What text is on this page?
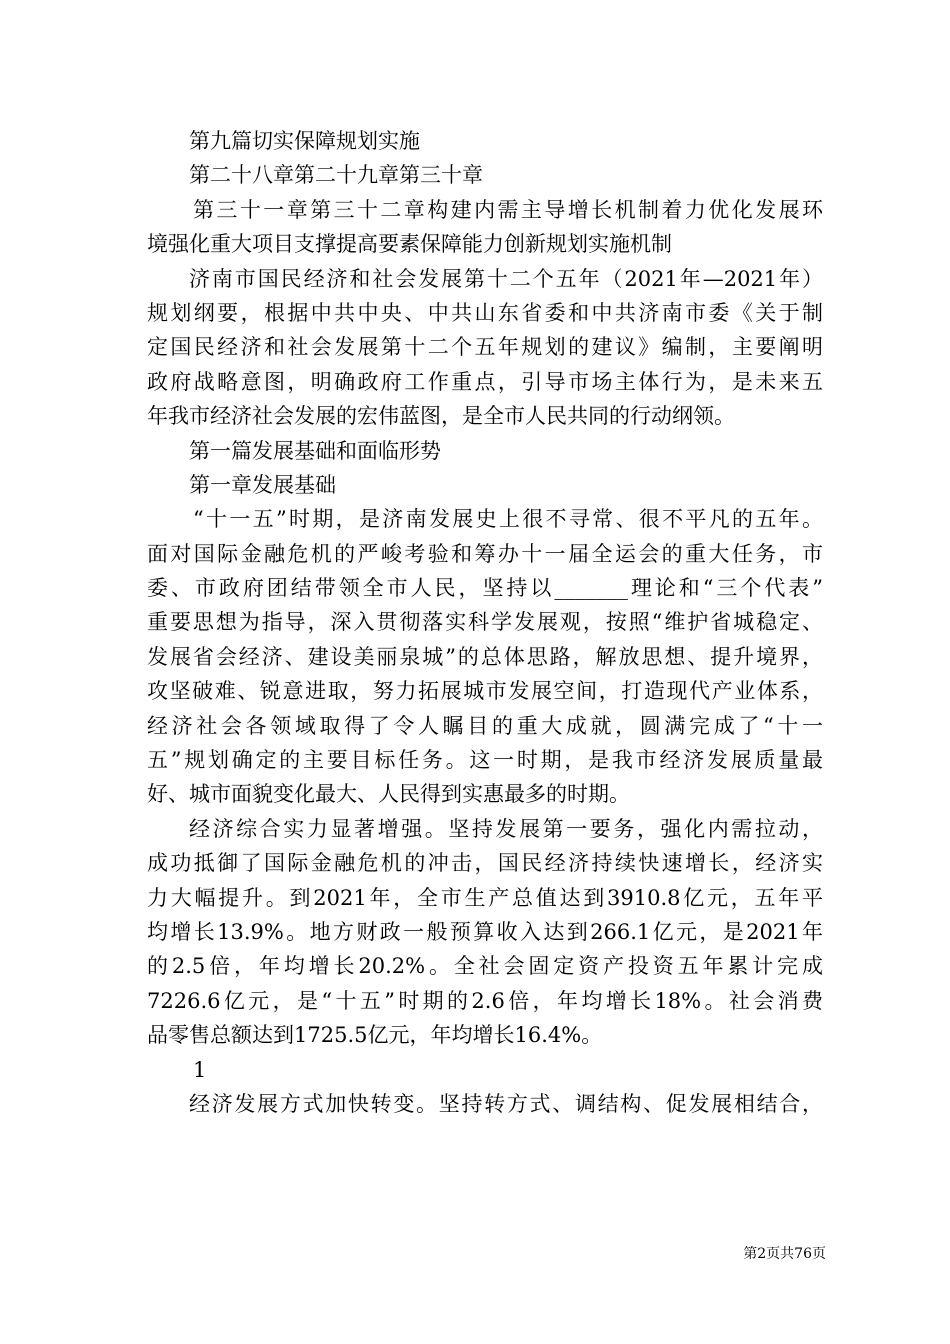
第九篇切实保障规划实施
第二十八章第二十九章第三十章
第三十一章第三十二章构建内需主导增长机制着力优化发展环
境强化重大项目支撑提高要素保障能力创新规划实施机制
济南市国民经济和社会发展第十二个五年（2021年—2021年）
规划纲要，根据中共中央、中共山东省委和中共济南市委《关于制
定国民经济和社会发展第十二个五年规划的建议》编制，主要阐明
政府战略意图，明确政府工作重点，引导市场主体行为，是未来五
年我市经济社会发展的宏伟蓝图，是全市人民共同的行动纲领。
第一篇发展基础和面临形势
第一章发展基础
“十一五”时期，是济南发展史上很不寻常、很不平凡的五年。
面对国际金融危机的严峻考验和筹办十一届全运会的重大任务，市
委、市政府团结带领全市人民，坚持以_______理论和“三个代表”
重要思想为指导，深入贯彻落实科学发展观，按照“维护省城稳定、
发展省会经济、建设美丽泉城”的总体思路，解放思想、提升境界，
攻坚破难、锐意进取，努力拓展城市发展空间，打造现代产业体系，
经济社会各领域取得了令人瞩目的重大成就，圆满完成了“十一
五”规划确定的主要目标任务。这一时期，是我市经济发展质量最
好、城市面貌变化最大、人民得到实惠最多的时期。
经济综合实力显著增强。坚持发展第一要务，强化内需拉动，
成功抵御了国际金融危机的冲击，国民经济持续快速增长，经济实
力大幅提升。到2021年，全市生产总值达到3910.8亿元，五年平
均增长13.9%。地方财政一般预算收入达到266.1亿元，是2021年
的2.5倍，年均增长20.2%。全社会固定资产投资五年累计完成
7226.6亿元，是“十五”时期的2.6倍，年均增长18%。社会消费
品零售总额达到1725.5亿元，年均增长16.4%。
1
经济发展方式加快转变。坚持转方式、调结构、促发展相结合，
第2页共76页
